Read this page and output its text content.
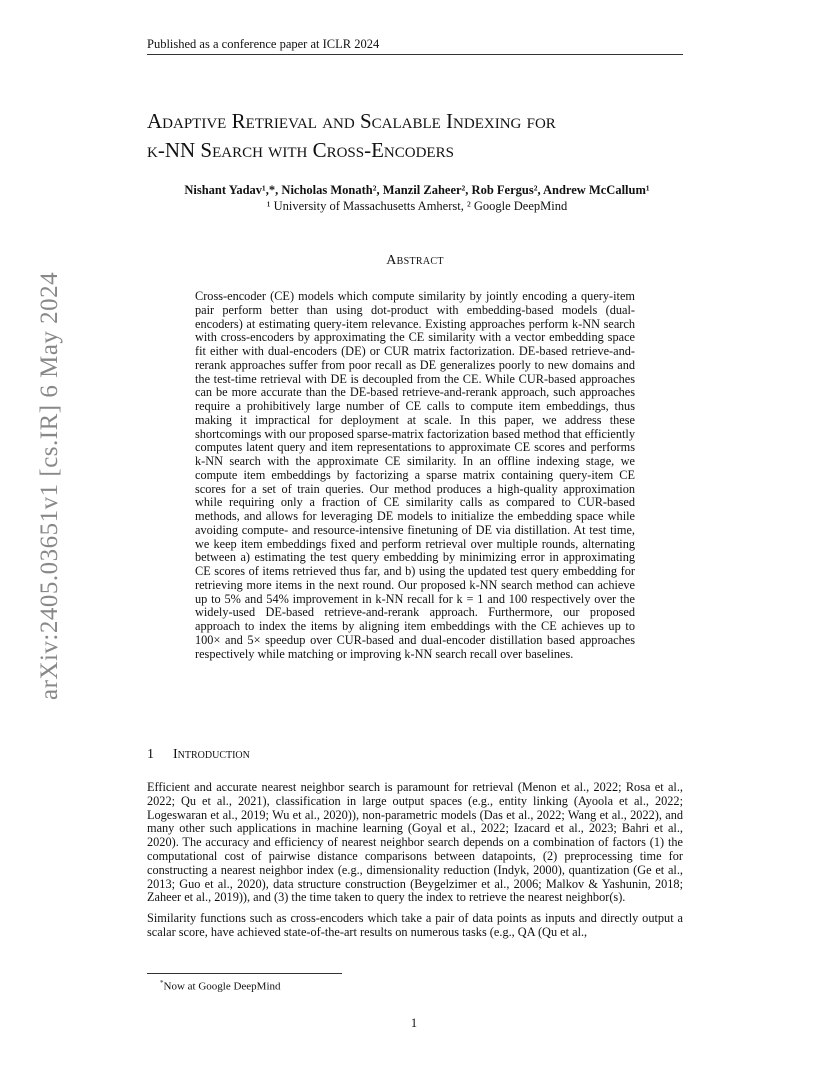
Published as a conference paper at ICLR 2024
arXiv:2405.03651v1 [cs.IR] 6 May 2024
Adaptive Retrieval and Scalable Indexing for
k-NN Search with Cross-Encoders
Nishant Yadav¹,*, Nicholas Monath², Manzil Zaheer², Rob Fergus², Andrew McCallum¹
¹ University of Massachusetts Amherst, ² Google DeepMind
Abstract
Cross-encoder (CE) models which compute similarity by jointly encoding a query-item pair perform better than using dot-product with embedding-based models (dual-encoders) at estimating query-item relevance. Existing approaches perform k-NN search with cross-encoders by approximating the CE similarity with a vector embedding space fit either with dual-encoders (DE) or CUR matrix factorization. DE-based retrieve-and-rerank approaches suffer from poor recall as DE generalizes poorly to new domains and the test-time retrieval with DE is decoupled from the CE. While CUR-based approaches can be more accurate than the DE-based retrieve-and-rerank approach, such approaches require a prohibitively large number of CE calls to compute item embeddings, thus making it impractical for deployment at scale. In this paper, we address these shortcomings with our proposed sparse-matrix factorization based method that efficiently computes latent query and item representations to approximate CE scores and performs k-NN search with the approximate CE similarity. In an offline indexing stage, we compute item embeddings by factorizing a sparse matrix containing query-item CE scores for a set of train queries. Our method produces a high-quality approximation while requiring only a fraction of CE similarity calls as compared to CUR-based methods, and allows for leveraging DE models to initialize the embedding space while avoiding compute- and resource-intensive finetuning of DE via distillation. At test time, we keep item embeddings fixed and perform retrieval over multiple rounds, alternating between a) estimating the test query embedding by minimizing error in approximating CE scores of items retrieved thus far, and b) using the updated test query embedding for retrieving more items in the next round. Our proposed k-NN search method can achieve up to 5% and 54% improvement in k-NN recall for k = 1 and 100 respectively over the widely-used DE-based retrieve-and-rerank approach. Furthermore, our proposed approach to index the items by aligning item embeddings with the CE achieves up to 100× and 5× speedup over CUR-based and dual-encoder distillation based approaches respectively while matching or improving k-NN search recall over baselines.
1 Introduction

Efficient and accurate nearest neighbor search is paramount for retrieval (Menon et al., 2022; Rosa et al., 2022; Qu et al., 2021), classification in large output spaces (e.g., entity linking (Ayoola et al., 2022; Logeswaran et al., 2019; Wu et al., 2020)), non-parametric models (Das et al., 2022; Wang et al., 2022), and many other such applications in machine learning (Goyal et al., 2022; Izacard et al., 2023; Bahri et al., 2020). The accuracy and efficiency of nearest neighbor search depends on a combination of factors (1) the computational cost of pairwise distance comparisons between datapoints, (2) preprocessing time for constructing a nearest neighbor index (e.g., dimensionality reduction (Indyk, 2000), quantization (Ge et al., 2013; Guo et al., 2020), data structure construction (Beygelzimer et al., 2006; Malkov & Yashunin, 2018; Zaheer et al., 2019)), and (3) the time taken to query the index to retrieve the nearest neighbor(s).

Similarity functions such as cross-encoders which take a pair of data points as inputs and directly output a scalar score, have achieved state-of-the-art results on numerous tasks (e.g., QA (Qu et al.,

*Now at Google DeepMind
1
